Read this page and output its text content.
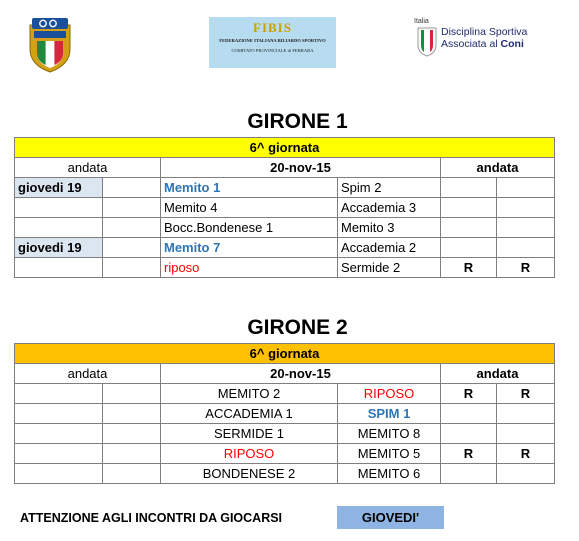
FIBIS
FEDERAZIONE ITALIANA BILIARDO SPORTIVO
COMITATO PROVINCIALE di FERRARA
Italia
Disciplina Sportiva
Associata al Coni
GIRONE 1
6^ giornata					
andata		20-nov-15		andata	
giovedi 19		Memito 1	Spim 2		
		Memito 4	Accademia 3		
		Bocc.Bondenese 1	Memito 3		
giovedi 19		Memito 7	Accademia 2		
		riposo	Sermide 2	R	R
GIRONE 2
6^ giornata					
andata		20-nov-15		andata	
		MEMITO 2	RIPOSO	R	R
		ACCADEMIA 1	SPIM 1		
		SERMIDE 1	MEMITO 8		
		RIPOSO	MEMITO 5	R	R
		BONDENESE 2	MEMITO 6		
ATTENZIONE AGLI INCONTRI DA GIOCARSI	GIOVEDI'
